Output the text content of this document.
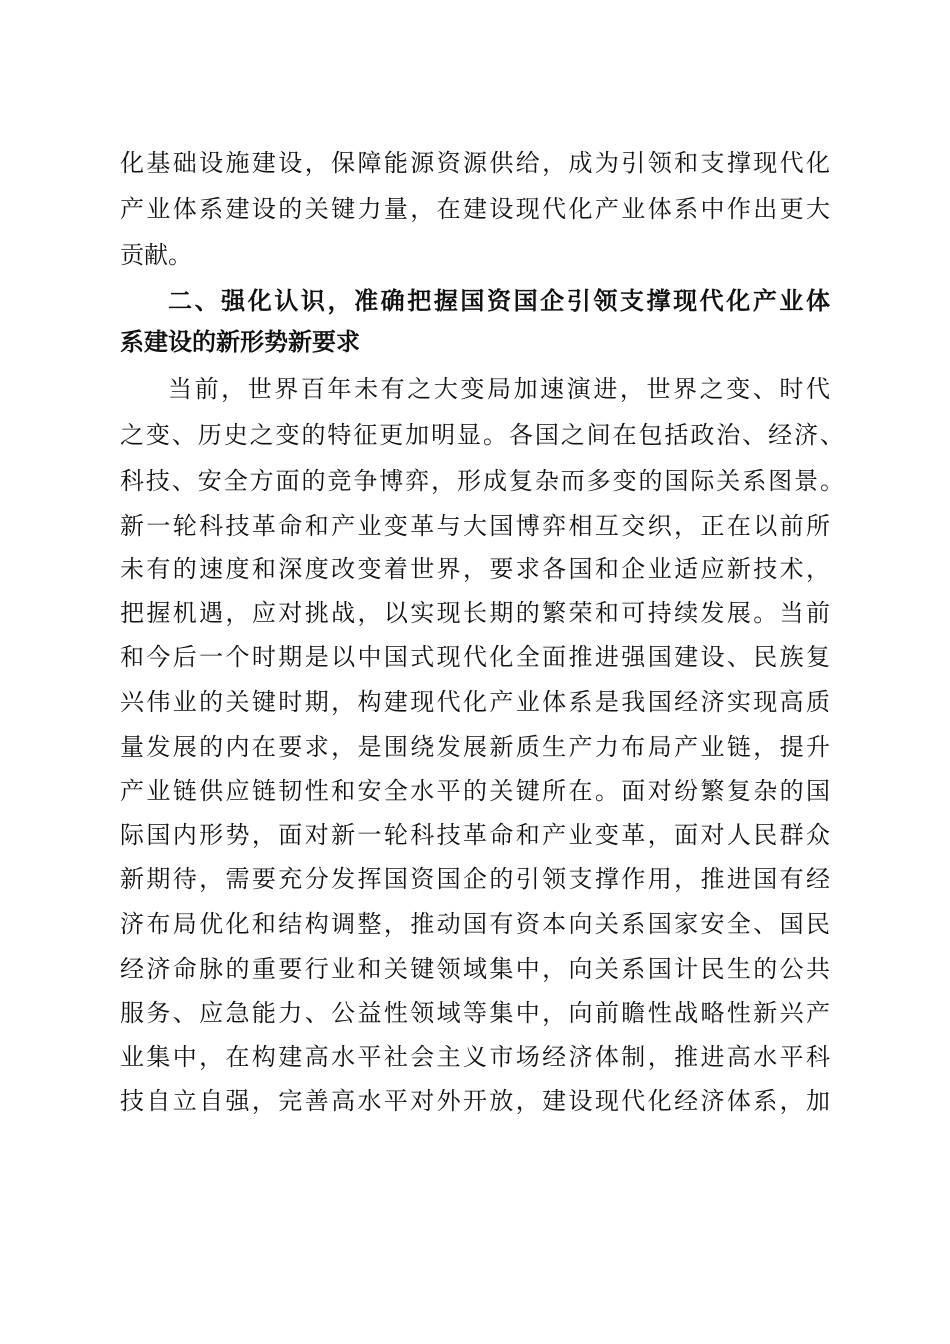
化基础设施建设，保障能源资源供给，成为引领和支撑现代化
产业体系建设的关键力量，在建设现代化产业体系中作出更大
贡献。
二、强化认识，准确把握国资国企引领支撑现代化产业体
系建设的新形势新要求
当前，世界百年未有之大变局加速演进，世界之变、时代
之变、历史之变的特征更加明显。各国之间在包括政治、经济、
科技、安全方面的竞争博弈，形成复杂而多变的国际关系图景。
新一轮科技革命和产业变革与大国博弈相互交织，正在以前所
未有的速度和深度改变着世界，要求各国和企业适应新技术，
把握机遇，应对挑战，以实现长期的繁荣和可持续发展。当前
和今后一个时期是以中国式现代化全面推进强国建设、民族复
兴伟业的关键时期，构建现代化产业体系是我国经济实现高质
量发展的内在要求，是围绕发展新质生产力布局产业链，提升
产业链供应链韧性和安全水平的关键所在。面对纷繁复杂的国
际国内形势，面对新一轮科技革命和产业变革，面对人民群众
新期待，需要充分发挥国资国企的引领支撑作用，推进国有经
济布局优化和结构调整，推动国有资本向关系国家安全、国民
经济命脉的重要行业和关键领域集中，向关系国计民生的公共
服务、应急能力、公益性领域等集中，向前瞻性战略性新兴产
业集中，在构建高水平社会主义市场经济体制，推进高水平科
技自立自强，完善高水平对外开放，建设现代化经济体系，加
